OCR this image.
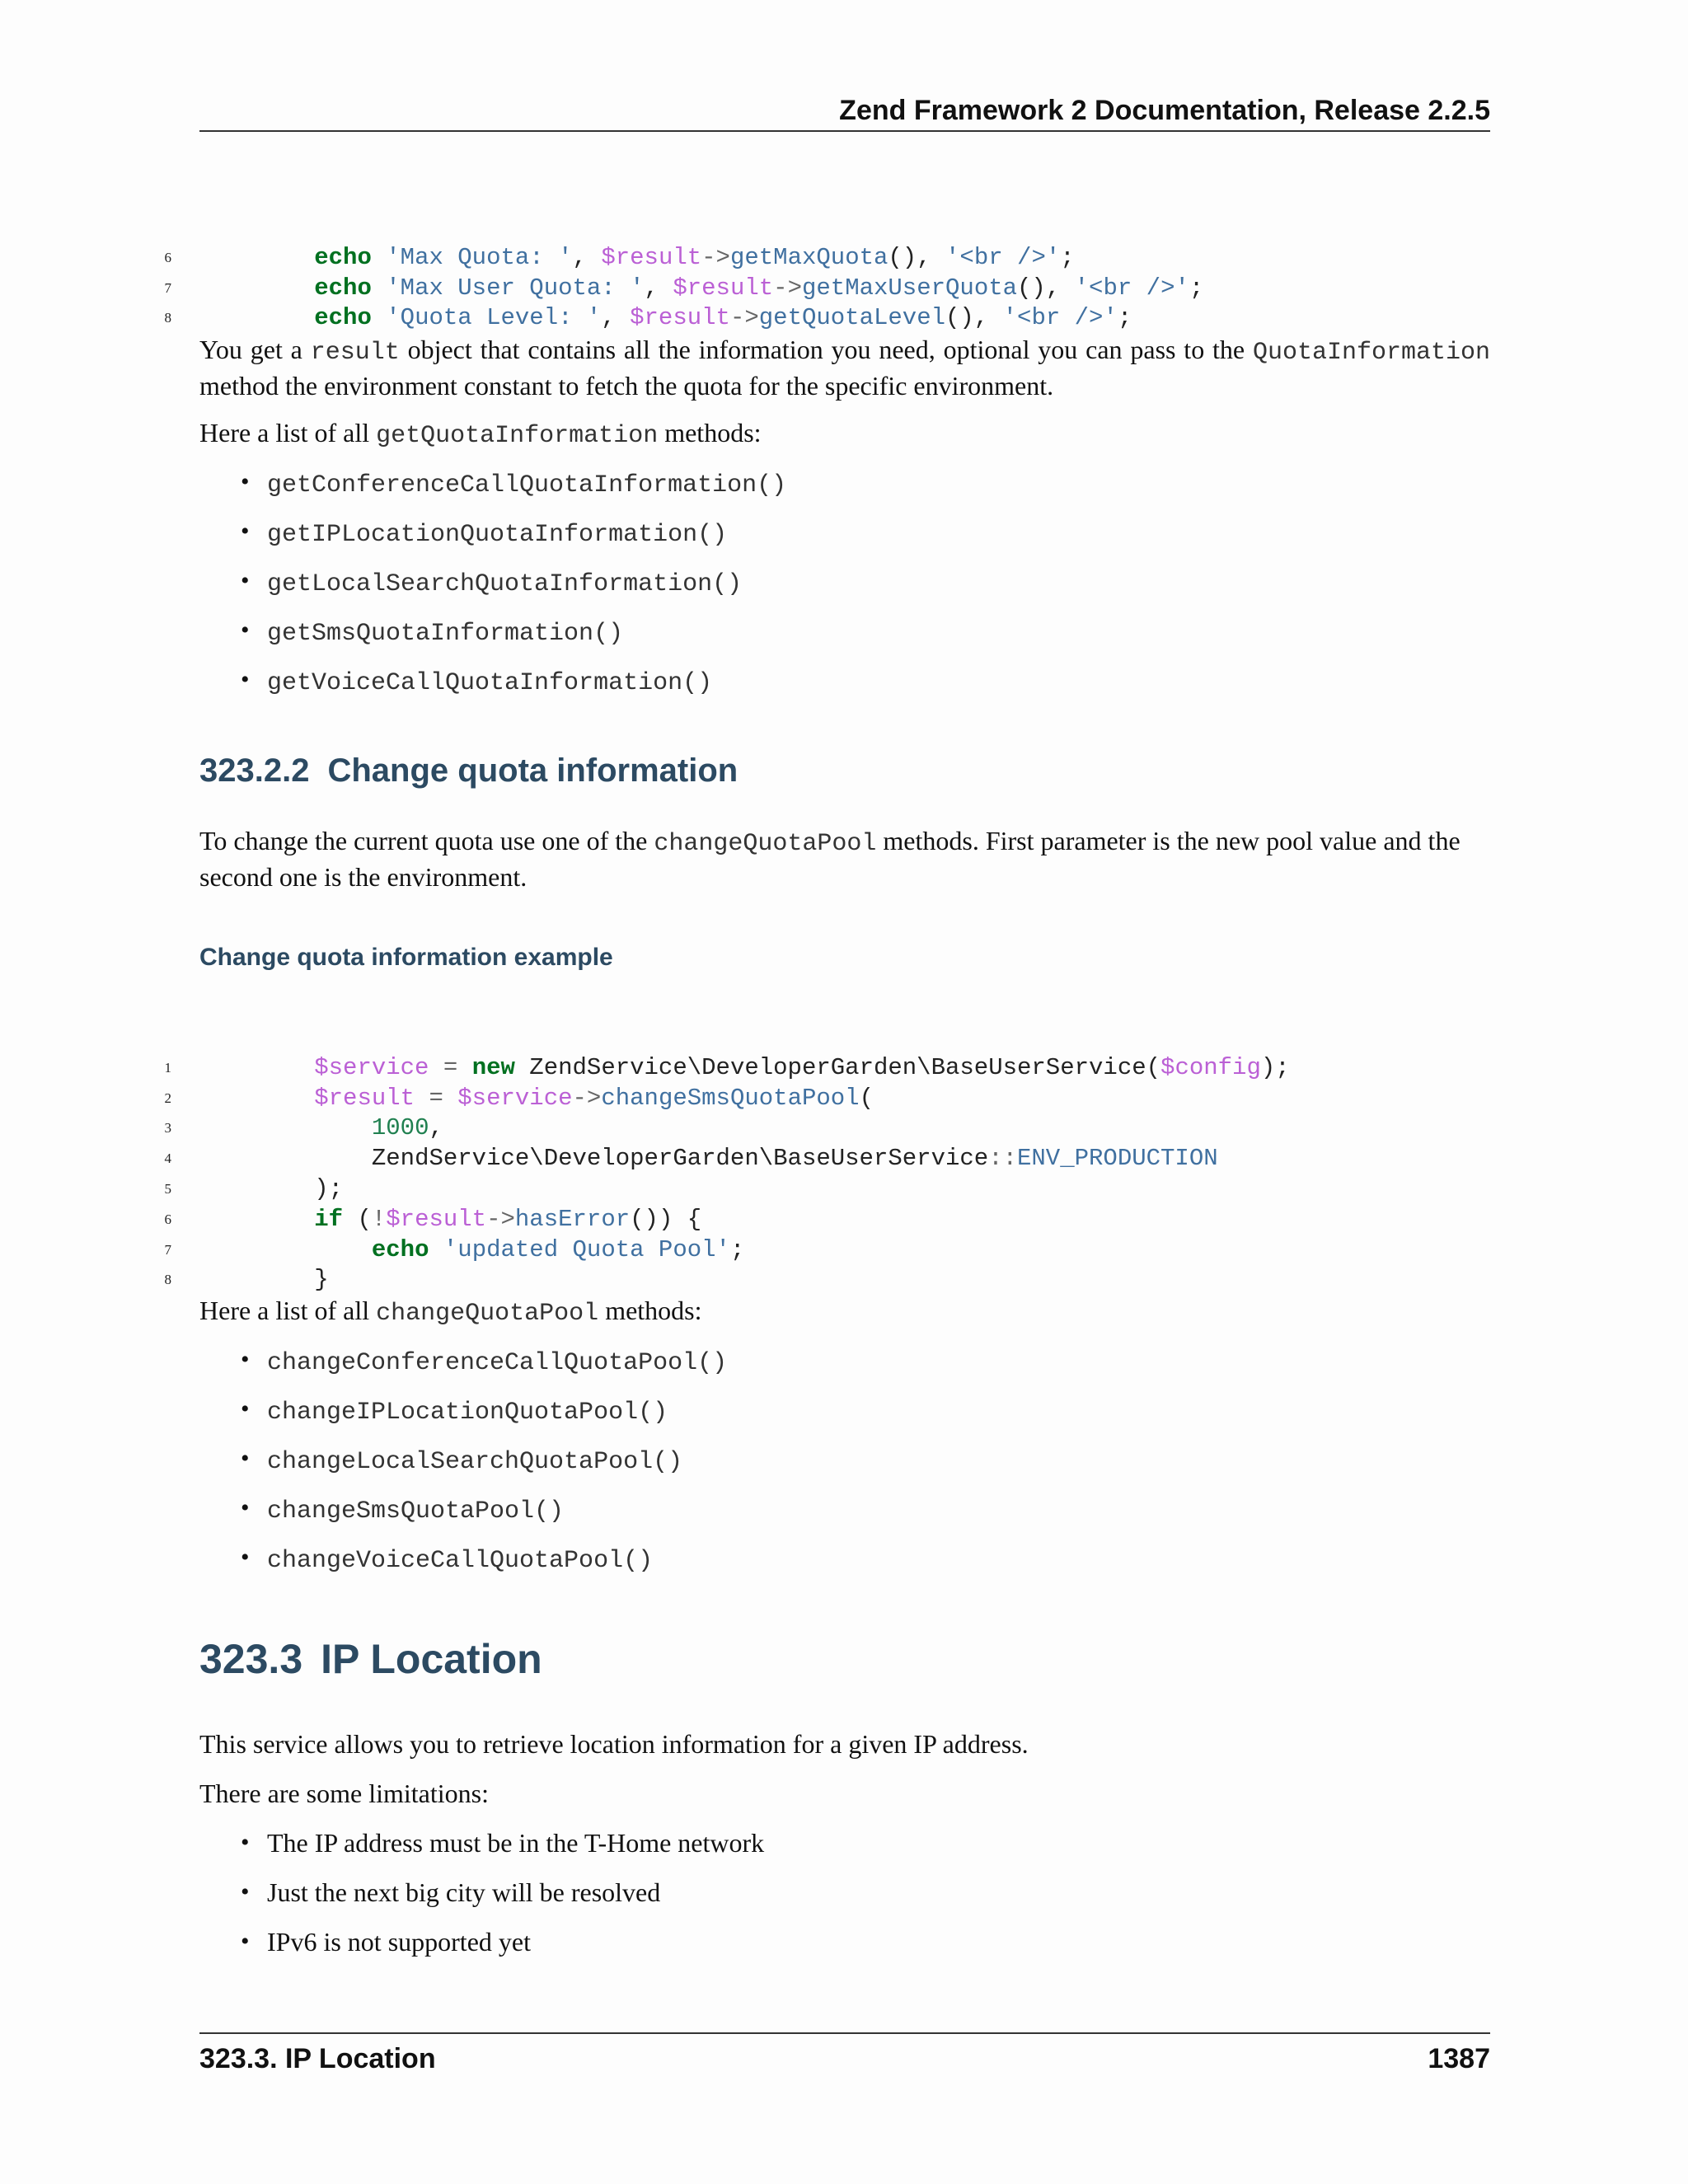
Zend Framework 2 Documentation, Release 2.2.5

6	echo 'Max Quota: ', $result->getMaxQuota(), '<br />';

7	echo 'Max User Quota: ', $result->getMaxUserQuota(), '<br />';

8	echo 'Quota Level: ', $result->getQuotaLevel(), '<br />';

You get a result object that contains all the information you need, optional you can pass to the QuotaInformation method the environment constant to fetch the quota for the specific environment.
Here a list of all getQuotaInformation methods:
• getConferenceCallQuotaInformation()
• getIPLocationQuotaInformation()
• getLocalSearchQuotaInformation()
• getSmsQuotaInformation()
• getVoiceCallQuotaInformation()
323.2.2 Change quota information
To change the current quota use one of the changeQuotaPool methods. First parameter is the new pool value and the second one is the environment.
Change quota information example

1	$service = new ZendService\DeveloperGarden\BaseUserService($config);

2	$result = $service->changeSmsQuotaPool(

3	1000,

4	ZendService\DeveloperGarden\BaseUserService::ENV_PRODUCTION

5	);

6	if (!$result->hasError()) {

7	echo 'updated Quota Pool';

8	}

Here a list of all changeQuotaPool methods:
• changeConferenceCallQuotaPool()
• changeIPLocationQuotaPool()
• changeLocalSearchQuotaPool()
• changeSmsQuotaPool()
• changeVoiceCallQuotaPool()
323.3 IP Location
This service allows you to retrieve location information for a given IP address.
There are some limitations:
• The IP address must be in the T-Home network
• Just the next big city will be resolved
• IPv6 is not supported yet
323.3. IP Location	1387
